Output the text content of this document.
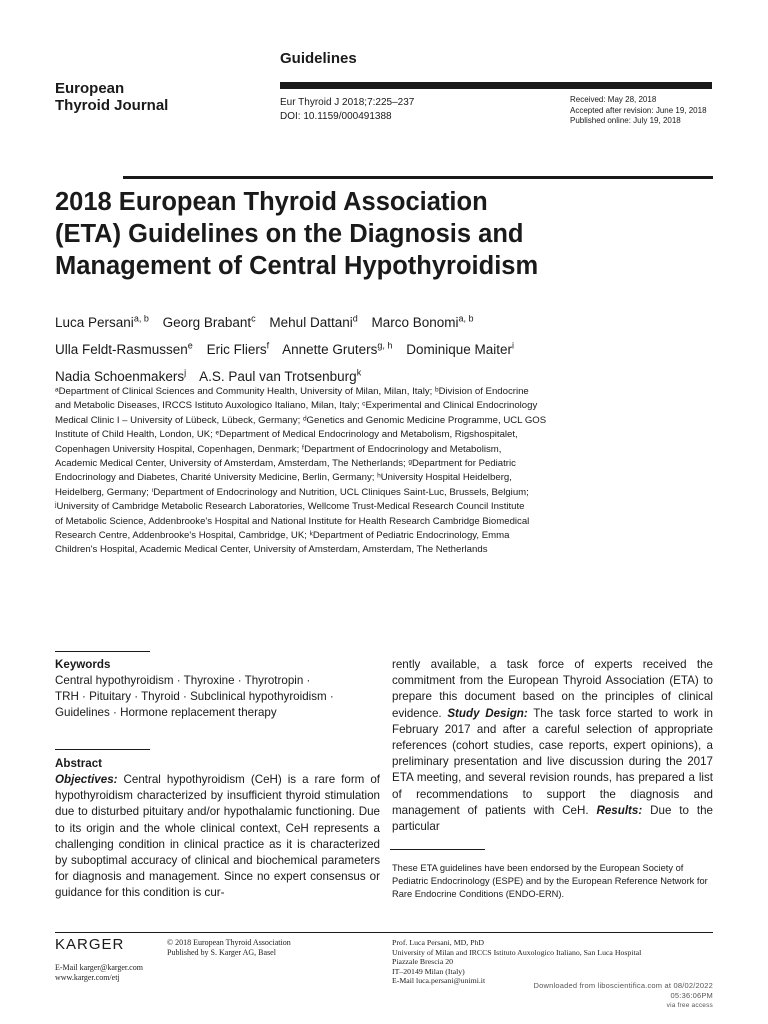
Guidelines
European
Thyroid Journal	Eur Thyroid J 2018;7:225–237
DOI: 10.1159/000491388
Received: May 28, 2018
Accepted after revision: June 19, 2018
Published online: July 19, 2018
2018 European Thyroid Association
(ETA) Guidelines on the Diagnosis and
Management of Central Hypothyroidism
Luca Persani$^{a, b}$ Georg Brabant$^c$ Mehul Dattani$^d$ Marco Bonomi$^{a, b}$
Ulla Feldt-Rasmussen$^e$ Eric Fliers$^f$ Annette Gruters$^{g, h}$ Dominique Maiter$^i$
Nadia Schoenmakers$^j$ A.S. Paul van Trotsenburg$^k$
ᵃDepartment of Clinical Sciences and Community Health, University of Milan, Milan, Italy; ᵇDivision of Endocrine
and Metabolic Diseases, IRCCS Istituto Auxologico Italiano, Milan, Italy; ᶜExperimental and Clinical Endocrinology
Medical Clinic I – University of Lübeck, Lübeck, Germany; ᵈGenetics and Genomic Medicine Programme, UCL GOS
Institute of Child Health, London, UK; ᵉDepartment of Medical Endocrinology and Metabolism, Rigshospitalet,
Copenhagen University Hospital, Copenhagen, Denmark; ᶠDepartment of Endocrinology and Metabolism,
Academic Medical Center, University of Amsterdam, Amsterdam, The Netherlands; ᵍDepartment for Pediatric
Endocrinology and Diabetes, Charité University Medicine, Berlin, Germany; ʰUniversity Hospital Heidelberg,
Heidelberg, Germany; ⁱDepartment of Endocrinology and Nutrition, UCL Cliniques Saint-Luc, Brussels, Belgium;
ʲUniversity of Cambridge Metabolic Research Laboratories, Wellcome Trust-Medical Research Council Institute
of Metabolic Science, Addenbrooke's Hospital and National Institute for Health Research Cambridge Biomedical
Research Centre, Addenbrooke's Hospital, Cambridge, UK; ᵏDepartment of Pediatric Endocrinology, Emma
Children's Hospital, Academic Medical Center, University of Amsterdam, Amsterdam, The Netherlands
Keywords
Central hypothyroidism · Thyroxine · Thyrotropin ·
TRH · Pituitary · Thyroid · Subclinical hypothyroidism ·
Guidelines · Hormone replacement therapy
Abstract
Objectives: Central hypothyroidism (CeH) is a rare form of hypothyroidism characterized by insufficient thyroid stimulation due to disturbed pituitary and/or hypothalamic functioning. Due to its origin and the whole clinical context, CeH represents a challenging condition in clinical practice as it is characterized by suboptimal accuracy of clinical and biochemical parameters for diagnosis and management. Since no expert consensus or guidance for this condition is cur-
rently available, a task force of experts received the commitment from the European Thyroid Association (ETA) to prepare this document based on the principles of clinical evidence. Study Design: The task force started to work in February 2017 and after a careful selection of appropriate references (cohort studies, case reports, expert opinions), a preliminary presentation and live discussion during the 2017 ETA meeting, and several revision rounds, has prepared a list of recommendations to support the diagnosis and management of patients with CeH. Results: Due to the particular
These ETA guidelines have been endorsed by the European Society of Pediatric Endocrinology (ESPE) and by the European Reference Network for Rare Endocrine Conditions (ENDO-ERN).
KARGER	© 2018 European Thyroid Association
Published by S. Karger AG, Basel
E-Mail karger@karger.com
www.karger.com/etj
Prof. Luca Persani, MD, PhD
University of Milan and IRCCS Istituto Auxologico Italiano, San Luca Hospital
Piazzale Brescia 20
IT–20149 Milan (Italy)
E-Mail luca.persani@unimi.it
Downloaded from liboscientifica.com at 08/02/2022 05:36:06PM
via free access
